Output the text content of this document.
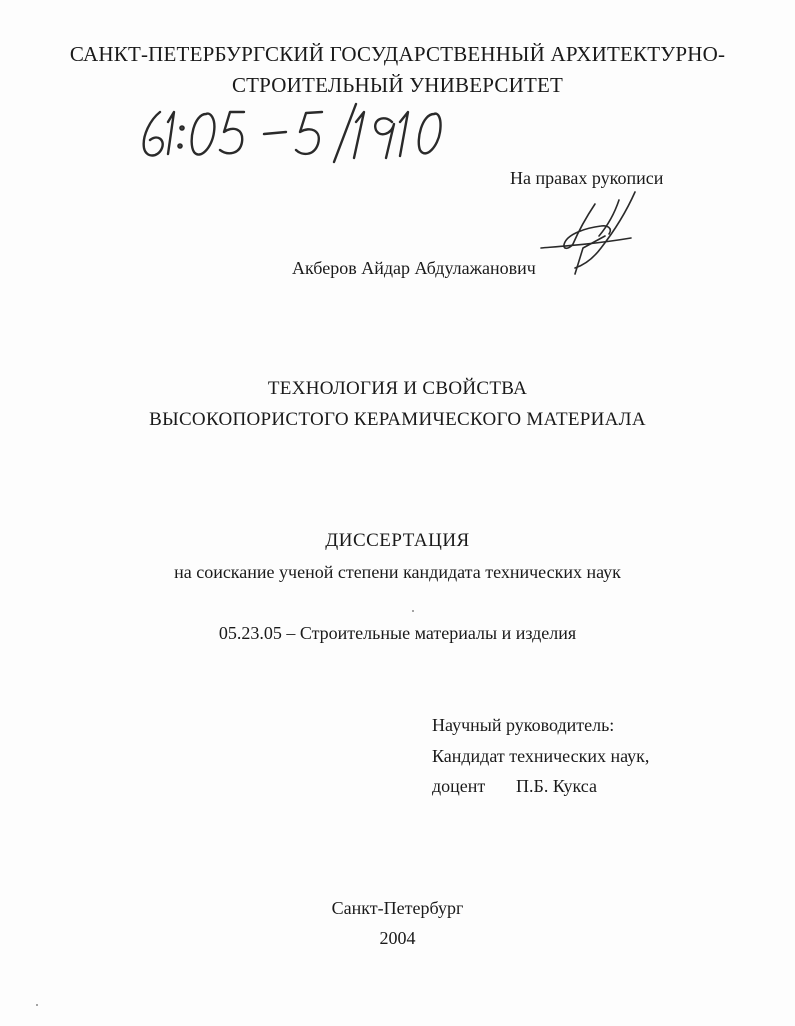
САНКТ-ПЕТЕРБУРГСКИЙ ГОСУДАРСТВЕННЫЙ АРХИТЕКТУРНО-
СТРОИТЕЛЬНЫЙ УНИВЕРСИТЕТ
На правах рукописи
Акберов Айдар Абдулажанович
ТЕХНОЛОГИЯ И СВОЙСТВА
ВЫСОКОПОРИСТОГО КЕРАМИЧЕСКОГО МАТЕРИАЛА
ДИССЕРТАЦИЯ
на соискание ученой степени кандидата технических наук
05.23.05 – Строительные материалы и изделия
Научный руководитель:
Кандидат технических наук,
доцент П.Б. Кукса
Санкт-Петербург
2004
